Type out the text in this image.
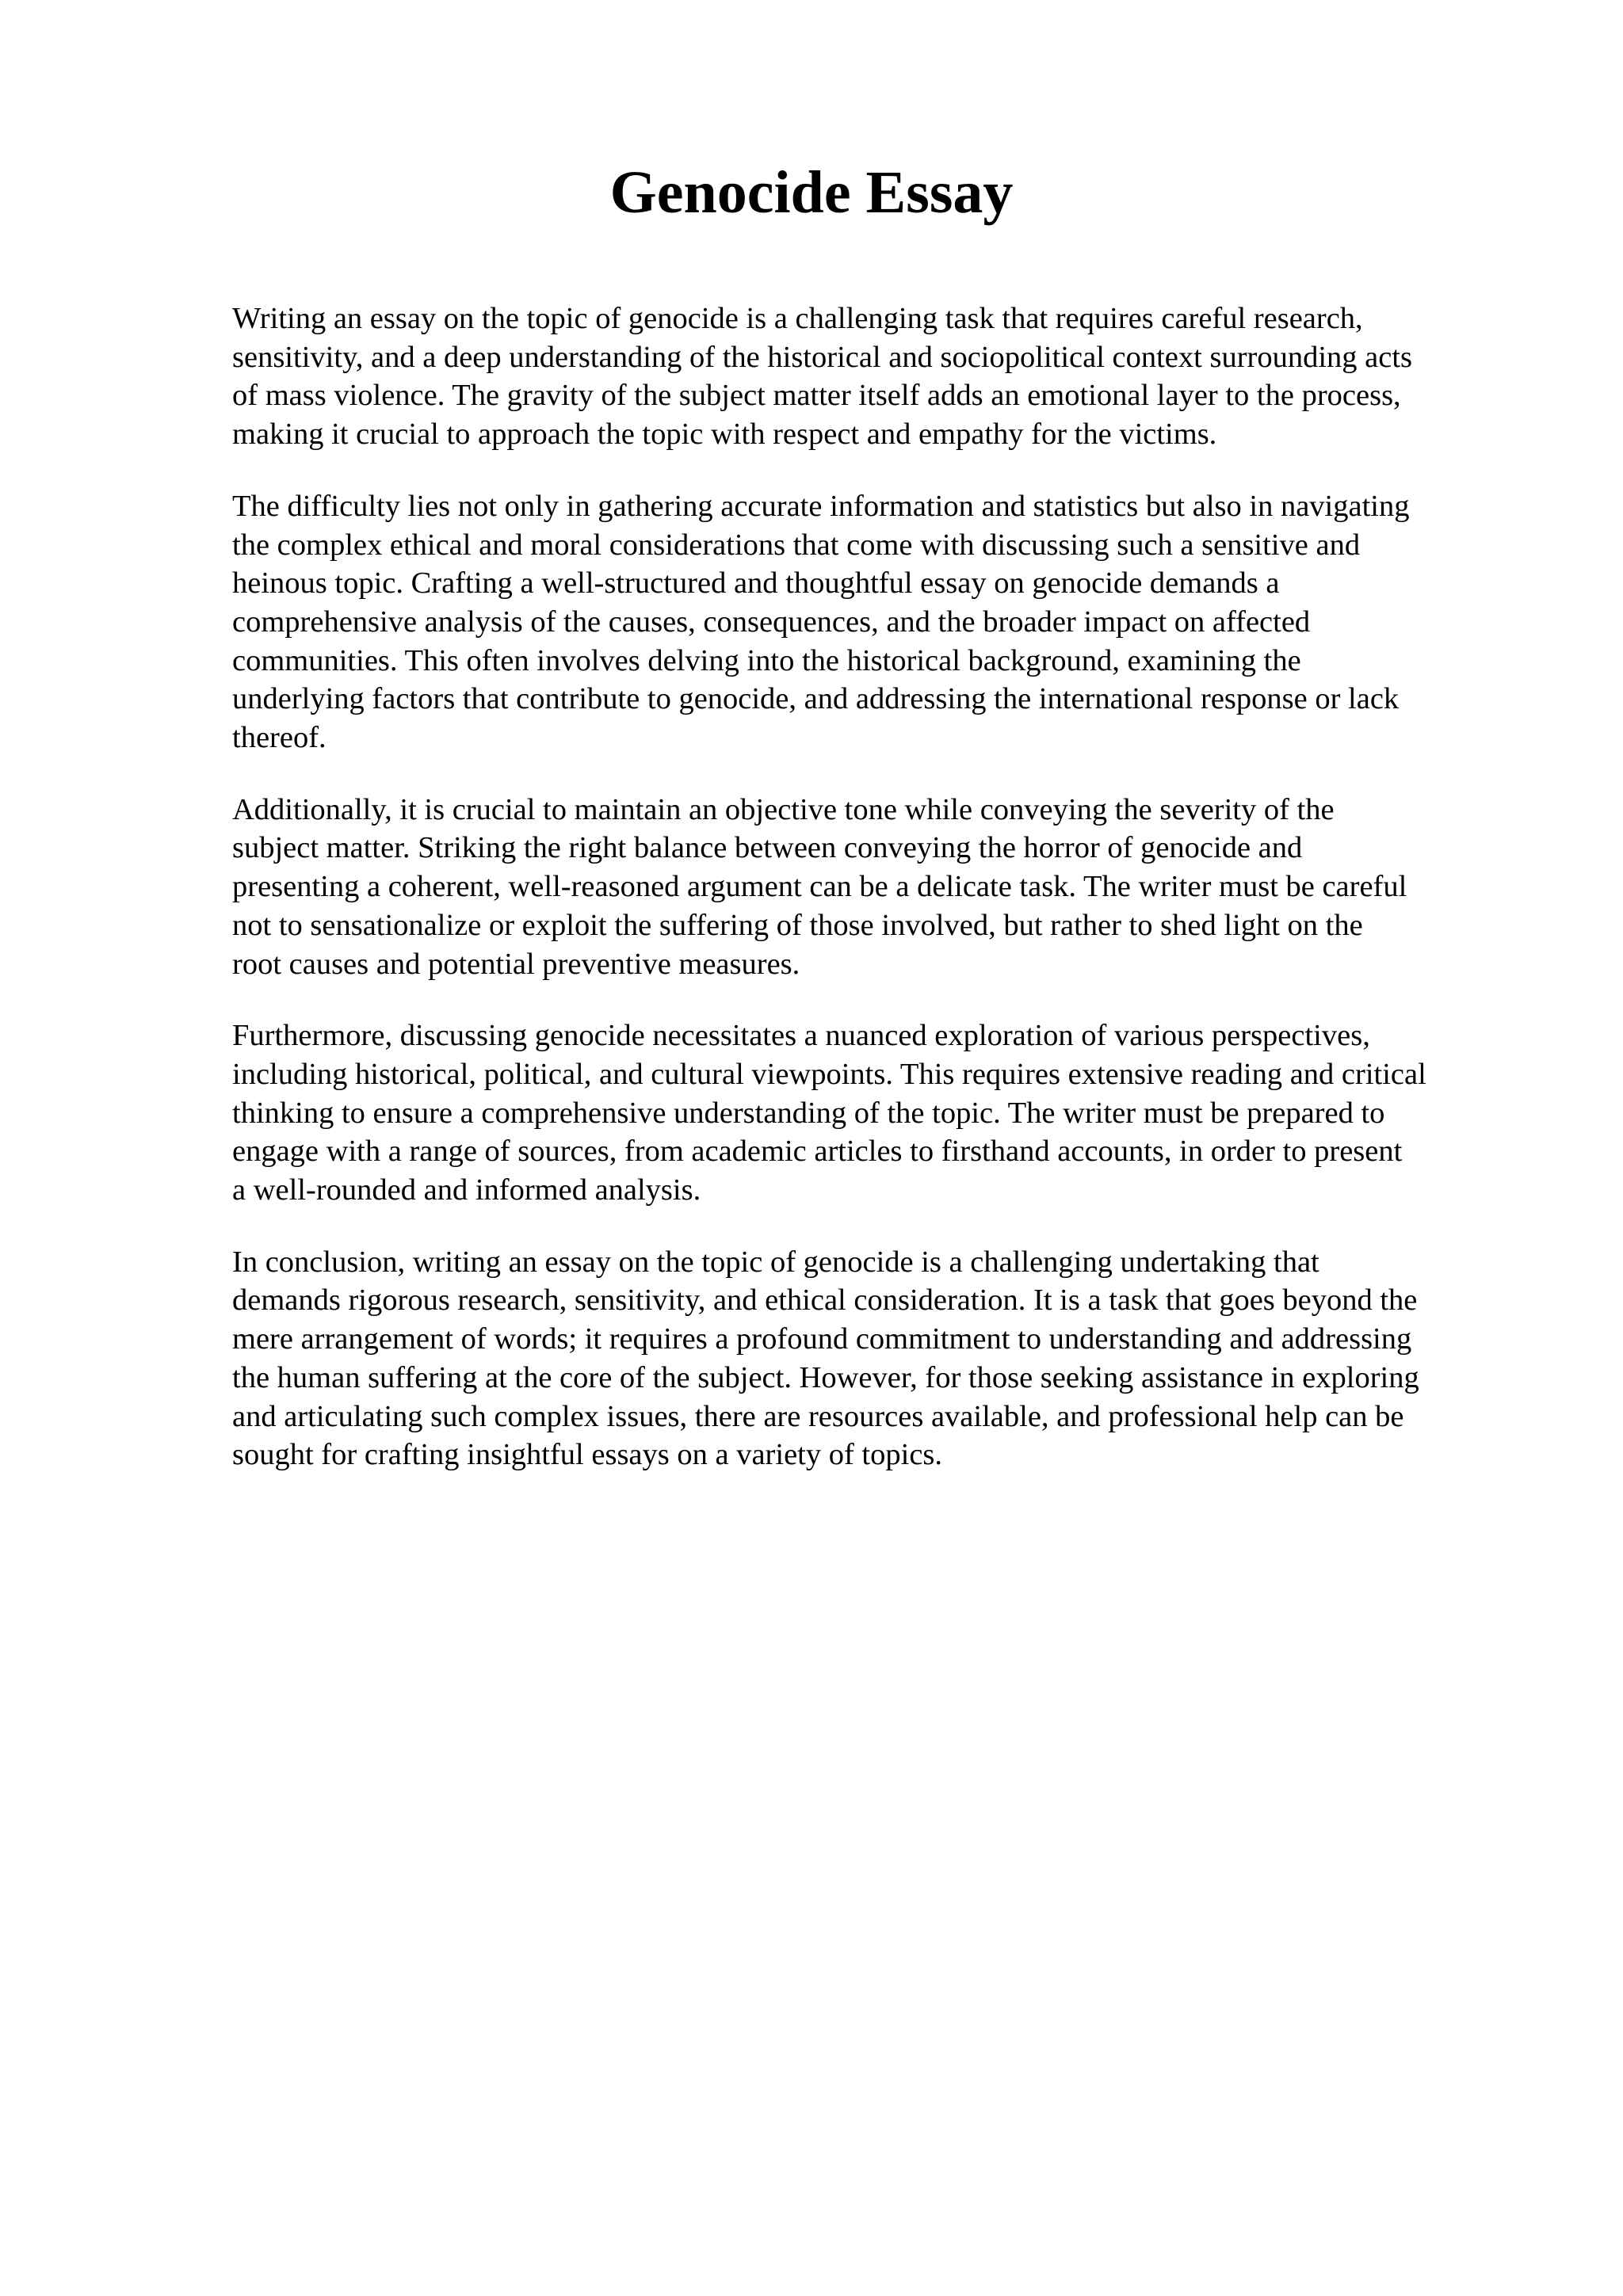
Genocide Essay

Writing an essay on the topic of genocide is a challenging task that requires careful research,
sensitivity, and a deep understanding of the historical and sociopolitical context surrounding acts
of mass violence. The gravity of the subject matter itself adds an emotional layer to the process,
making it crucial to approach the topic with respect and empathy for the victims.

The difficulty lies not only in gathering accurate information and statistics but also in navigating
the complex ethical and moral considerations that come with discussing such a sensitive and
heinous topic. Crafting a well-structured and thoughtful essay on genocide demands a
comprehensive analysis of the causes, consequences, and the broader impact on affected
communities. This often involves delving into the historical background, examining the
underlying factors that contribute to genocide, and addressing the international response or lack
thereof.

Additionally, it is crucial to maintain an objective tone while conveying the severity of the
subject matter. Striking the right balance between conveying the horror of genocide and
presenting a coherent, well-reasoned argument can be a delicate task. The writer must be careful
not to sensationalize or exploit the suffering of those involved, but rather to shed light on the
root causes and potential preventive measures.

Furthermore, discussing genocide necessitates a nuanced exploration of various perspectives,
including historical, political, and cultural viewpoints. This requires extensive reading and critical
thinking to ensure a comprehensive understanding of the topic. The writer must be prepared to
engage with a range of sources, from academic articles to firsthand accounts, in order to present
a well-rounded and informed analysis.

In conclusion, writing an essay on the topic of genocide is a challenging undertaking that
demands rigorous research, sensitivity, and ethical consideration. It is a task that goes beyond the
mere arrangement of words; it requires a profound commitment to understanding and addressing
the human suffering at the core of the subject. However, for those seeking assistance in exploring
and articulating such complex issues, there are resources available, and professional help can be
sought for crafting insightful essays on a variety of topics.
